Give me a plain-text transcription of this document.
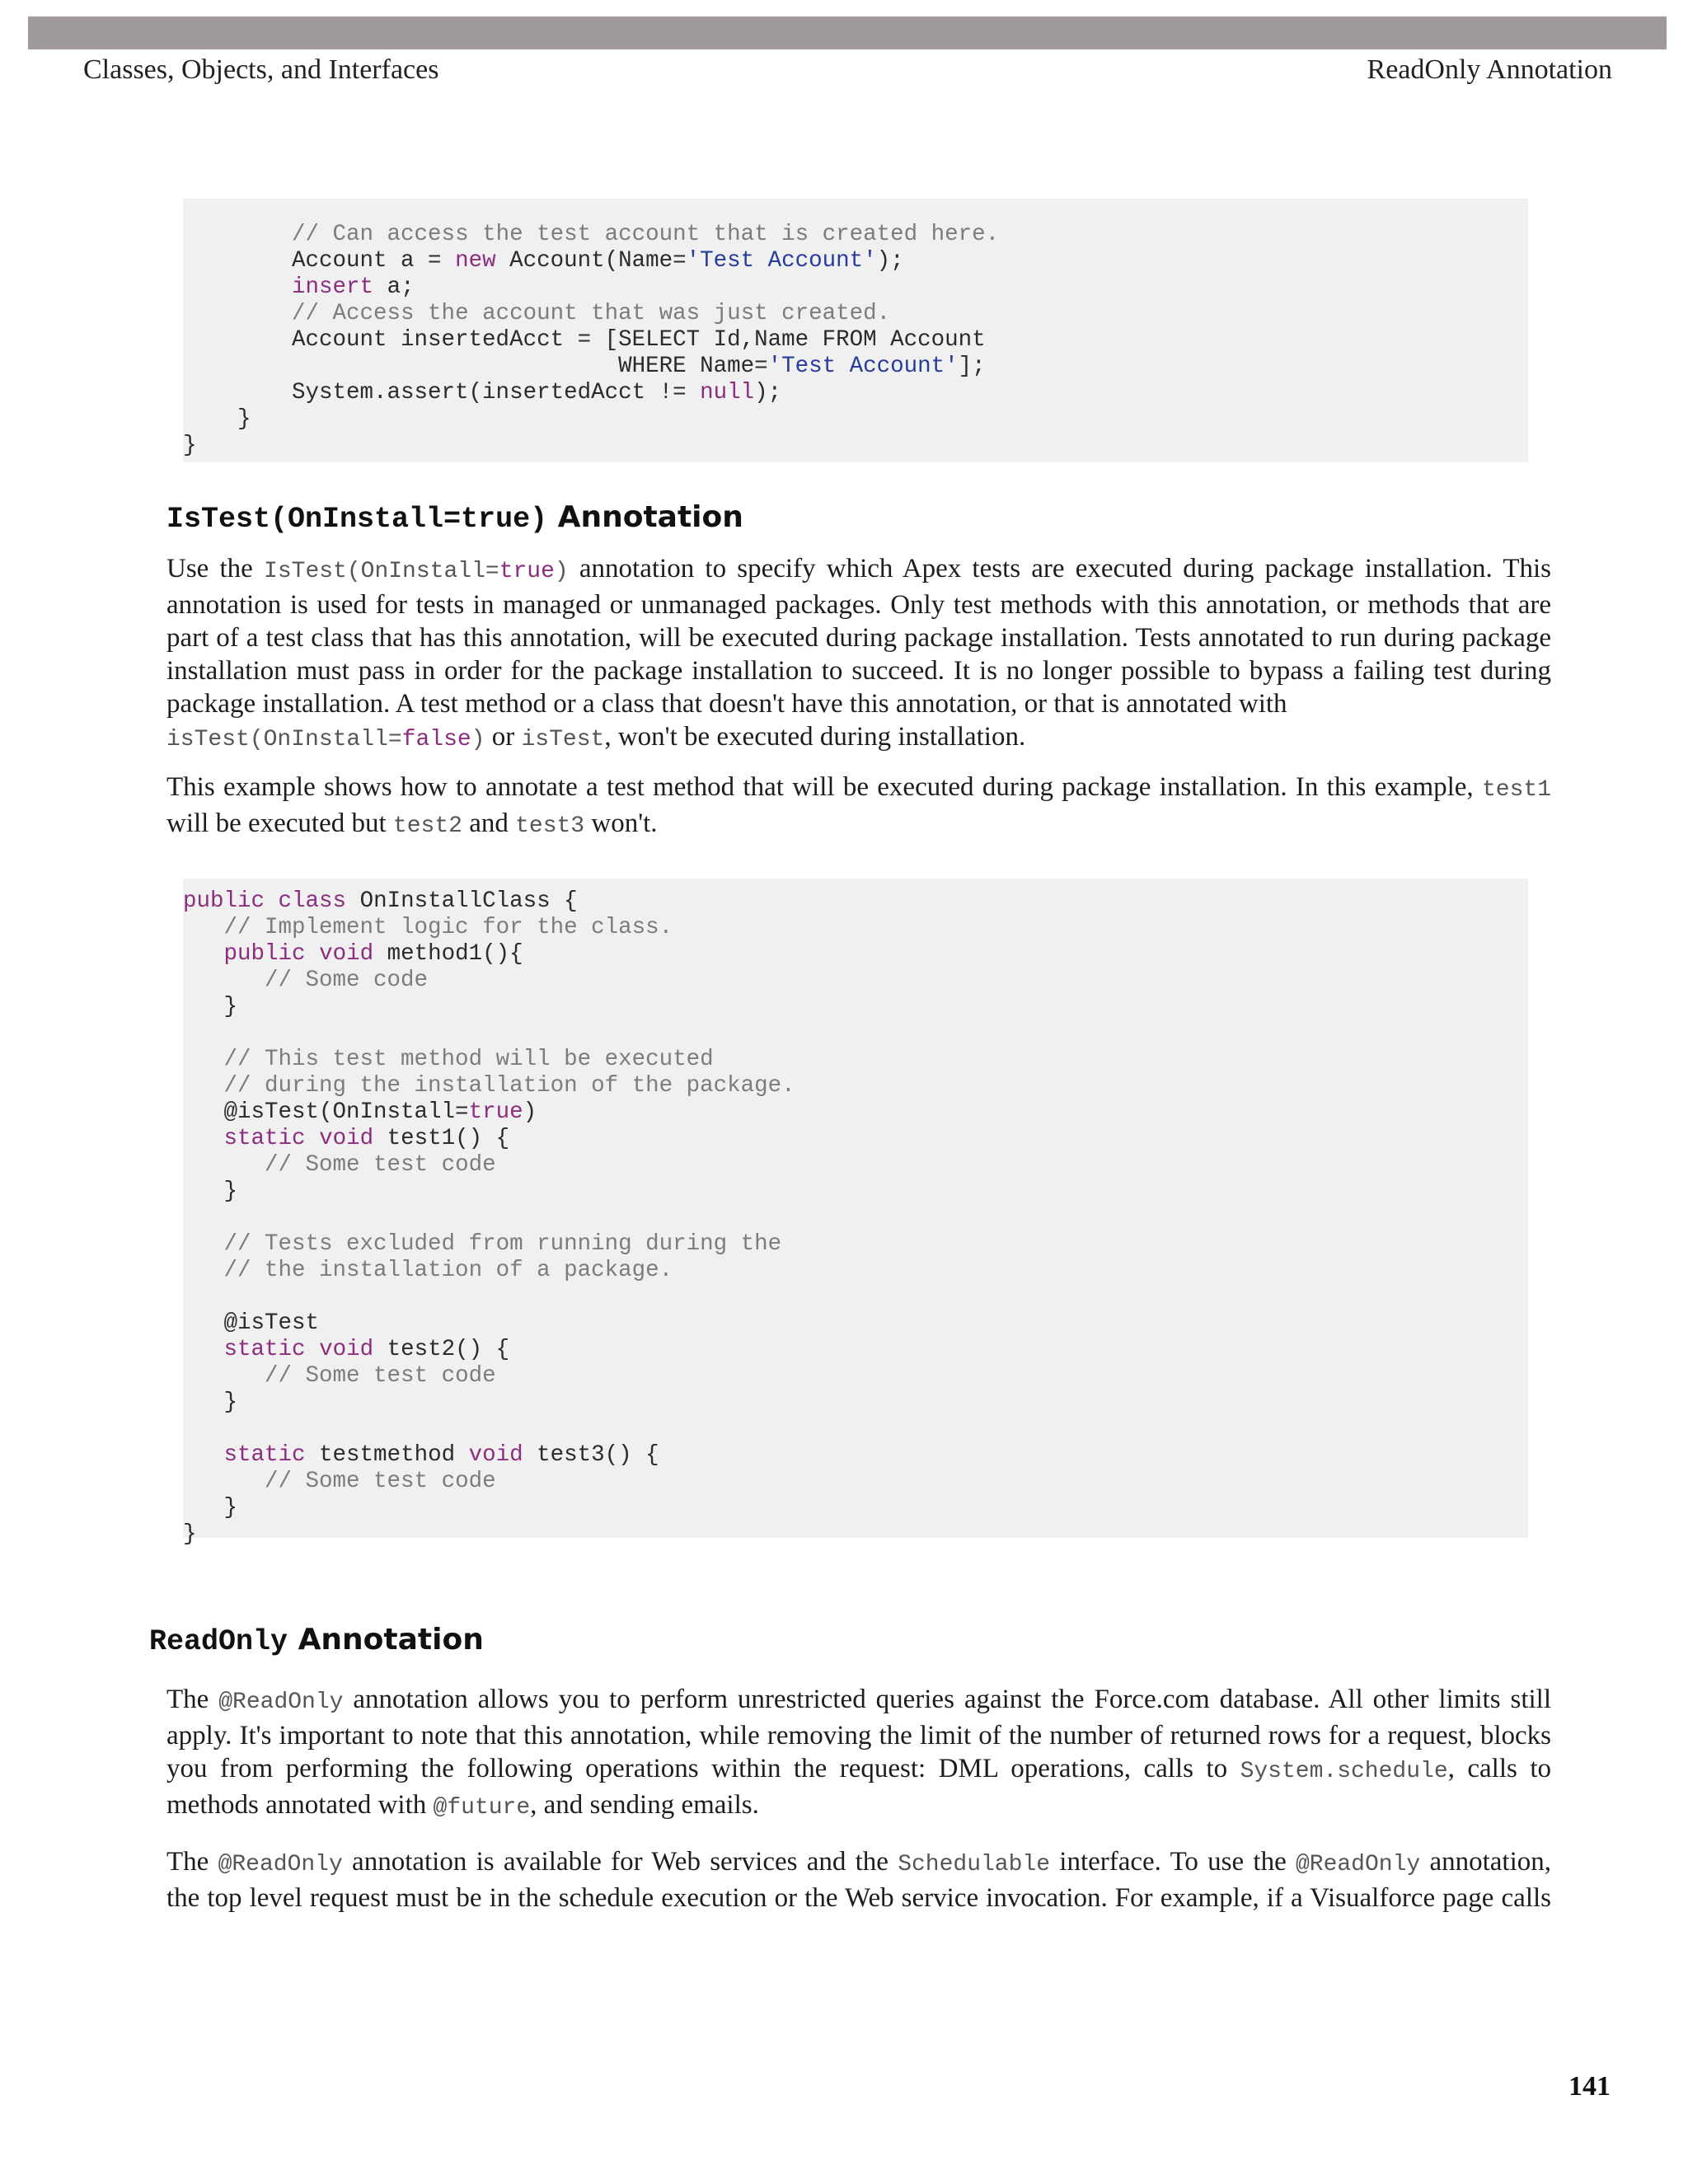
Classes, Objects, and Interfaces	ReadOnly Annotation
// Can access the test account that is created here.
Account a = new Account(Name='Test Account');
insert a;
// Access the account that was just created.
Account insertedAcct = [SELECT Id,Name FROM Account
WHERE Name='Test Account'];
System.assert(insertedAcct != null);
}
}
IsTest(OnInstall=true) Annotation
Use the IsTest(OnInstall=true) annotation to specify which Apex tests are executed during package installation. This
annotation is used for tests in managed or unmanaged packages. Only test methods with this annotation, or methods that are
part of a test class that has this annotation, will be executed during package installation. Tests annotated to run during package
installation must pass in order for the package installation to succeed. It is no longer possible to bypass a failing test during
package installation. A test method or a class that doesn't have this annotation, or that is annotated with
isTest(OnInstall=false) or isTest, won't be executed during installation.
This example shows how to annotate a test method that will be executed during package installation. In this example, test1
will be executed but test2 and test3 won't.
public class OnInstallClass {
// Implement logic for the class.
public void method1(){
// Some code
}
// This test method will be executed
// during the installation of the package.
@isTest(OnInstall=true)
static void test1() {
// Some test code
}
// Tests excluded from running during the
// the installation of a package.
@isTest
static void test2() {
// Some test code
}
static testmethod void test3() {
// Some test code
}
}
ReadOnly Annotation
The @ReadOnly annotation allows you to perform unrestricted queries against the Force.com database. All other limits still
apply. It's important to note that this annotation, while removing the limit of the number of returned rows for a request, blocks
you from performing the following operations within the request: DML operations, calls to System.schedule, calls to
methods annotated with @future, and sending emails.
The @ReadOnly annotation is available for Web services and the Schedulable interface. To use the @ReadOnly annotation,
the top level request must be in the schedule execution or the Web service invocation. For example, if a Visualforce page calls
141
